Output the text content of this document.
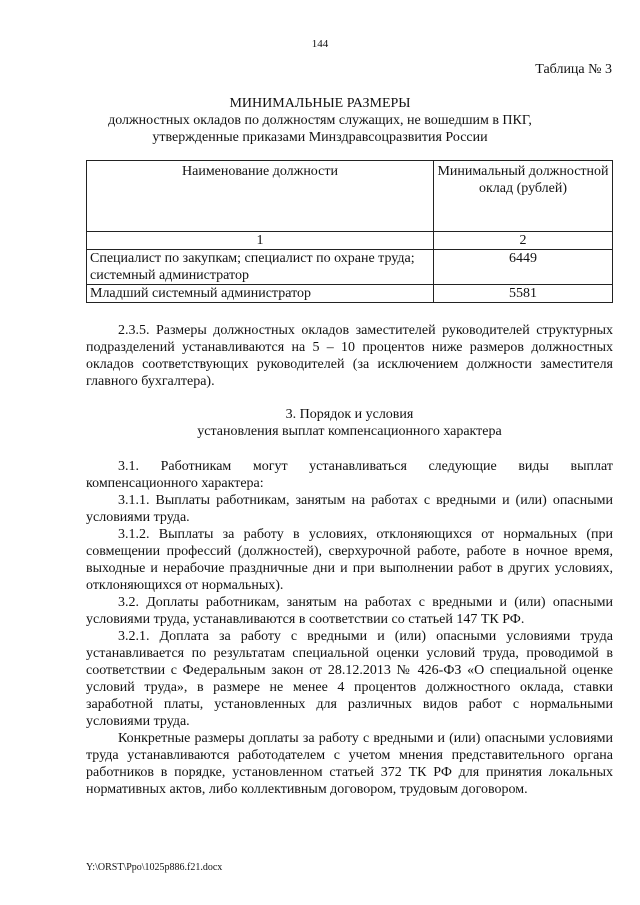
144
Таблица № 3
МИНИМАЛЬНЫЕ РАЗМЕРЫ
должностных окладов по должностям служащих, не вошедшим в ПКГ,
утвержденные приказами Минздравсоцразвития России
Наименование должности	Минимальный должностной оклад (рублей)
1	2
Специалист по закупкам; специалист по охране труда; системный администратор	6449
Младший системный администратор	5581

2.3.5. Размеры должностных окладов заместителей руководителей структурных подразделений устанавливаются на 5 – 10 процентов ниже размеров должностных окладов соответствующих руководителей (за исключением должности заместителя главного бухгалтера).

3. Порядок и условия
установления выплат компенсационного характера

3.1. Работникам могут устанавливаться следующие виды выплат компенсационного характера:

3.1.1. Выплаты работникам, занятым на работах с вредными и (или) опасными условиями труда.

3.1.2. Выплаты за работу в условиях, отклоняющихся от нормальных (при совмещении профессий (должностей), сверхурочной работе, работе в ночное время, выходные и нерабочие праздничные дни и при выполнении работ в других условиях, отклоняющихся от нормальных).

3.2. Доплаты работникам, занятым на работах с вредными и (или) опасными условиями труда, устанавливаются в соответствии со статьей 147 ТК РФ.

3.2.1. Доплата за работу с вредными и (или) опасными условиями труда устанавливается по результатам специальной оценки условий труда, проводимой в соответствии с Федеральным закон от 28.12.2013 № 426-ФЗ «О специальной оценке условий труда», в размере не менее 4 процентов должностного оклада, ставки заработной платы, установленных для различных видов работ с нормальными условиями труда.

Конкретные размеры доплаты за работу с вредными и (или) опасными условиями труда устанавливаются работодателем с учетом мнения представительного органа работников в порядке, установленном статьей 372 ТК РФ для принятия локальных нормативных актов, либо коллективным договором, трудовым договором.

Y:\ORST\Ppo\1025p886.f21.docx
